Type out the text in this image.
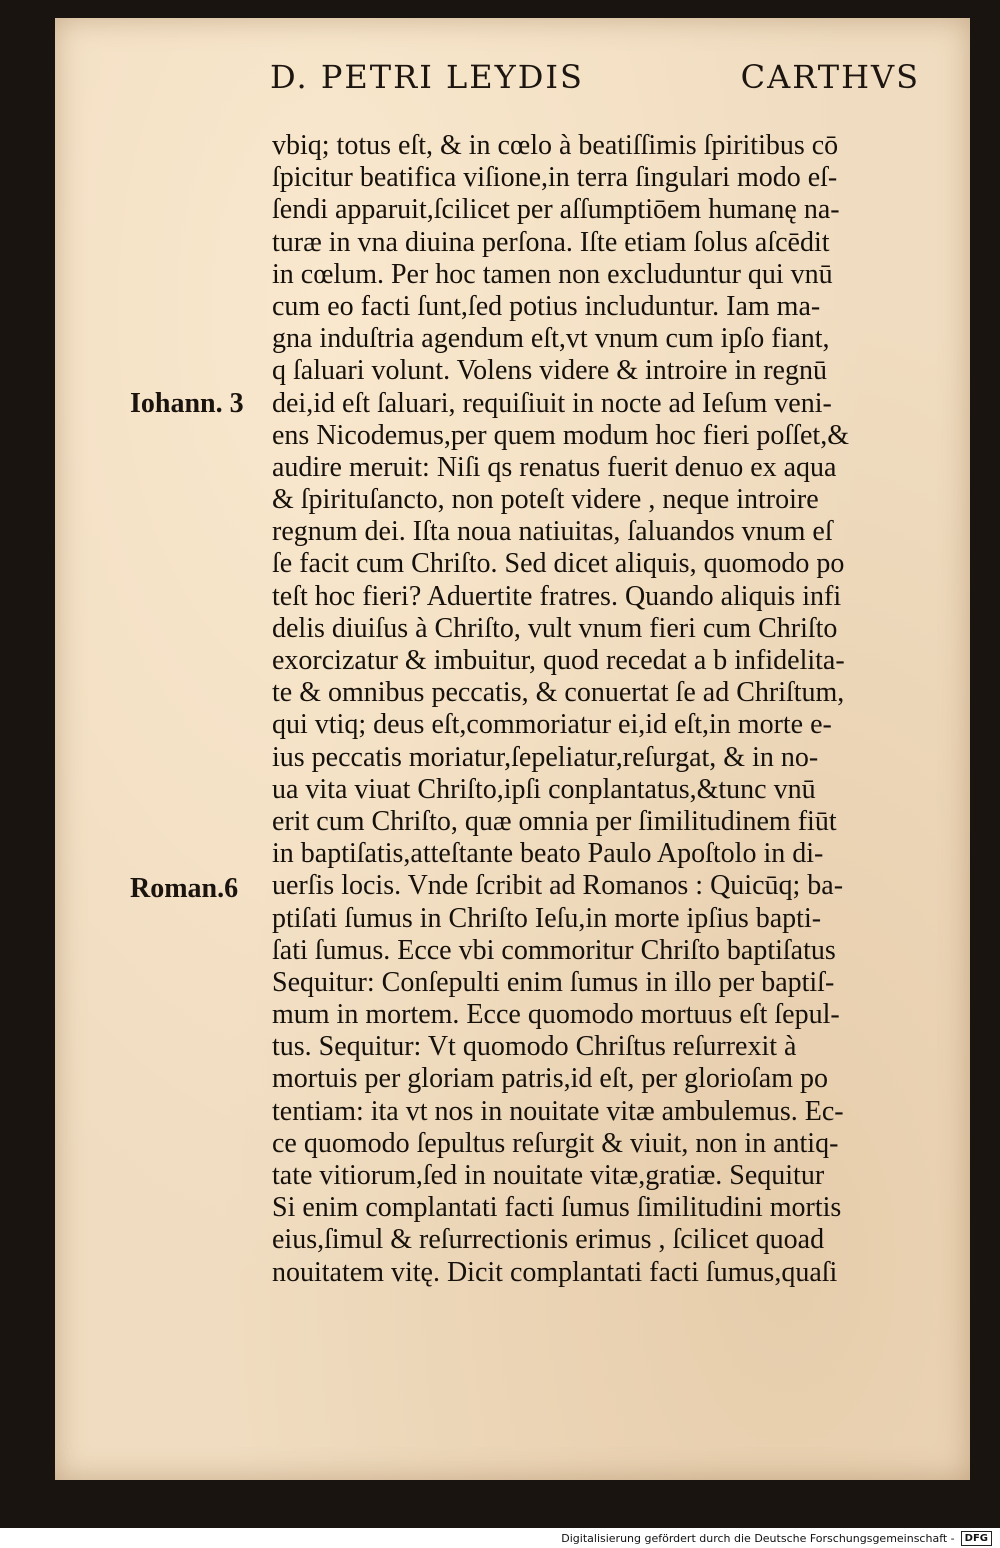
D. PETRI LEYDIS	CARTHVS
Iohann. 3
Roman.6
vbiq; totus eſt, & in cœlo à beatiſſimis ſpiritibus cō
ſpicitur beatifica viſione,in terra ſingulari modo eſ-
ſendi apparuit,ſcilicet per aſſumptiōem humanę na-
turæ in vna diuina perſona. Iſte etiam ſolus aſcēdit
in cœlum. Per hoc tamen non excluduntur qui vnū
cum eo facti ſunt,ſed potius includuntur. Iam ma-
gna induſtria agendum eſt,vt vnum cum ipſo fiant,
q ſaluari volunt. Volens videre & introire in regnū
dei,id eſt ſaluari, requiſiuit in nocte ad Ieſum veni-
ens Nicodemus,per quem modum hoc fieri poſſet,&
audire meruit: Niſi qs renatus fuerit denuo ex aqua
& ſpirituſancto, non poteſt videre , neque introire
regnum dei. Iſta noua natiuitas, ſaluandos vnum eſ
ſe facit cum Chriſto. Sed dicet aliquis, quomodo po
teſt hoc fieri? Aduertite fratres. Quando aliquis infi
delis diuiſus à Chriſto, vult vnum fieri cum Chriſto
exorcizatur & imbuitur, quod recedat a b infidelita-
te & omnibus peccatis, & conuertat ſe ad Chriſtum,
qui vtiq; deus eſt,commoriatur ei,id eſt,in morte e-
ius peccatis moriatur,ſepeliatur,reſurgat, & in no-
ua vita viuat Chriſto,ipſi conplantatus,&tunc vnū
erit cum Chriſto, quæ omnia per ſimilitudinem fiūt
in baptiſatis,atteſtante beato Paulo Apoſtolo in di-
uerſis locis. Vnde ſcribit ad Romanos : Quicūq; ba-
ptiſati ſumus in Chriſto Ieſu,in morte ipſius bapti-
ſati ſumus. Ecce vbi commoritur Chriſto baptiſatus
Sequitur: Conſepulti enim ſumus in illo per baptiſ-
mum in mortem. Ecce quomodo mortuus eſt ſepul-
tus. Sequitur: Vt quomodo Chriſtus reſurrexit à
mortuis per gloriam patris,id eſt, per glorioſam po
tentiam: ita vt nos in nouitate vitæ ambulemus. Ec-
ce quomodo ſepultus reſurgit & viuit, non in antiq-
tate vitiorum,ſed in nouitate vitæ,gratiæ. Sequitur
Si enim complantati facti ſumus ſimilitudini mortis
eius,ſimul & reſurrectionis erimus , ſcilicet quoad
nouitatem vitę. Dicit complantati facti ſumus,quaſi
Digitalisierung gefördert durch die Deutsche Forschungsgemeinschaft -	DFG
